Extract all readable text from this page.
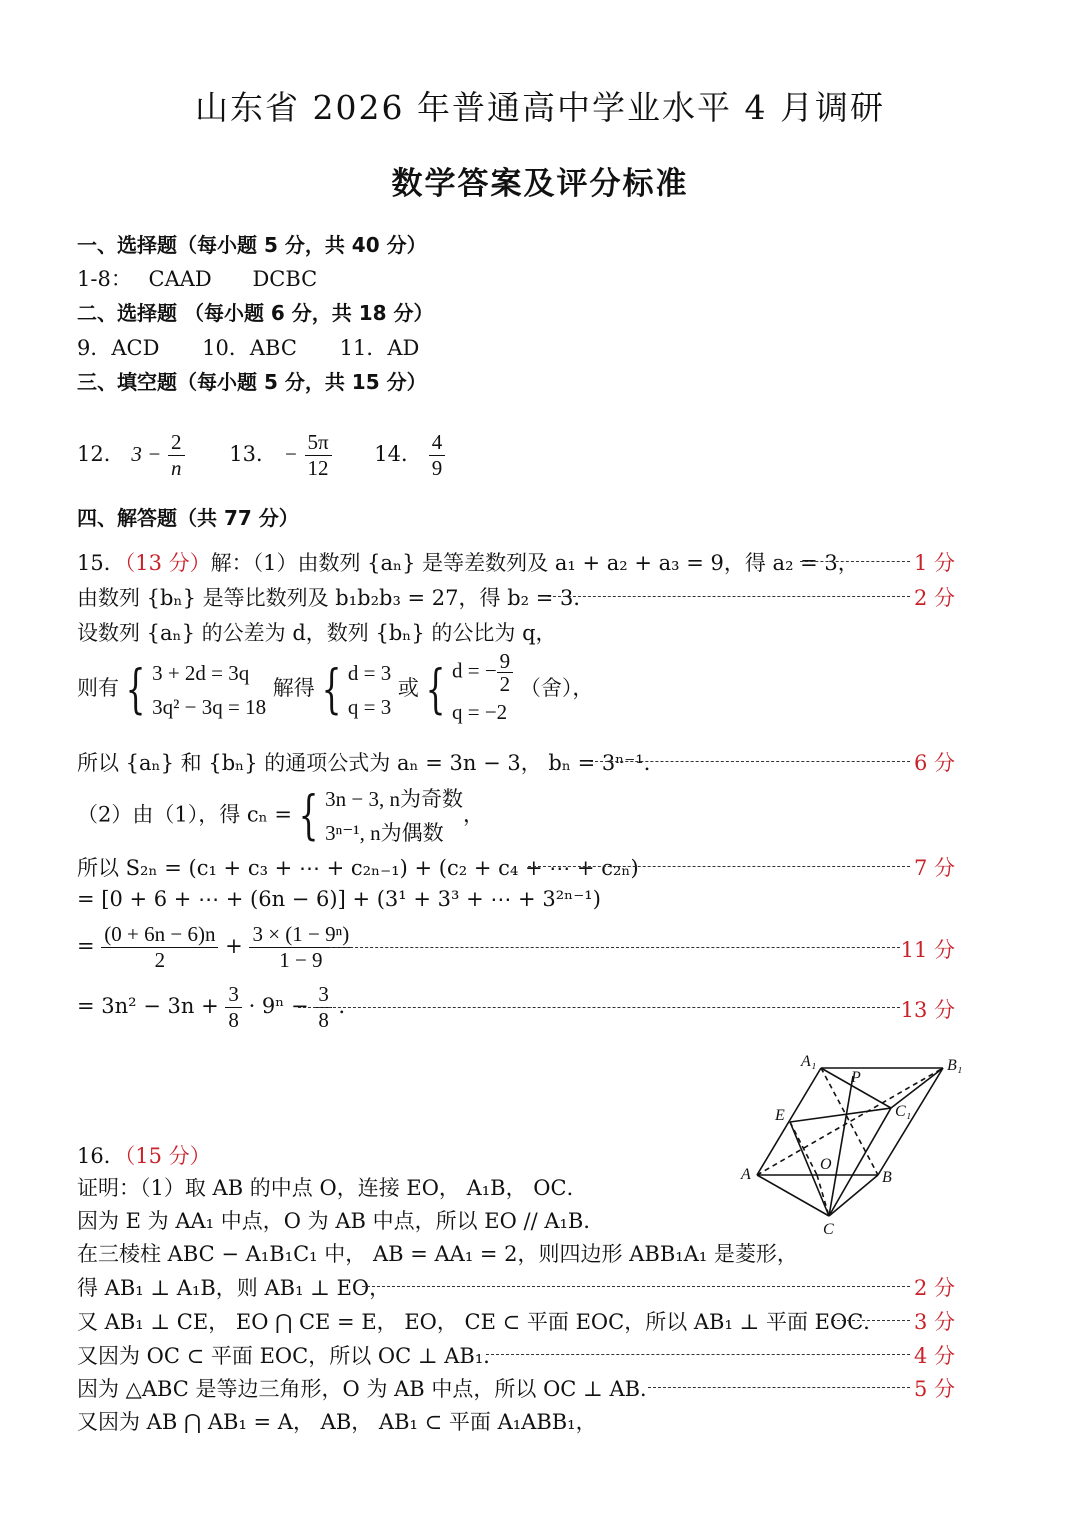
山东省 2026 年普通高中学业水平 4 月调研
数学答案及评分标准
一、选择题（每小题 5 分，共 40 分）
1-8： CAAD DCBC
二、选择题 （每小题 6 分，共 18 分）
9．ACD 10．ABC 11．AD
三、填空题（每小题 5 分，共 15 分）
12． $3 - \frac{2}{n} 13$． − $\frac{5\pi}{12} 14$． $\frac{4}{9}$
四、解答题（共 77 分）
15．（13 分）解：（1）由数列 {aₙ} 是等差数列及 a₁ + a₂ + a₃ = 9，得 a₂ = 3，	1 分
由数列 {bₙ} 是等比数列及 b₁b₂b₃ = 27，得 b₂ = 3．	2 分
设数列 {aₙ} 的公差为 d，数列 {bₙ} 的公比为 q，
则有 { 3 + 2d = 3q
3q² − 3q = 18
解得 { d = 3
q = 3
或 { d = − $\frac{9}{2}$
q = −2
（舍），
所以 {aₙ} 和 {bₙ} 的通项公式为 aₙ = 3n − 3， bₙ = 3ⁿ⁻¹．	6 分
（2）由（1），得 cₙ = { 3n − 3, n为奇数
3ⁿ⁻¹, n为偶数
，
所以 S₂ₙ = (c₁ + c₃ + ⋯ + c₂ₙ₋₁) + (c₂ + c₄ + ⋯ + c₂ₙ)	7 分
= [0 + 6 + ⋯ + (6n − 6)] + (3¹ + 3³ + ⋯ + 3²ⁿ⁻¹)
= $\frac{(0 + 6n - 6)n}{2} + \frac{\text{3 × (1 − 9ⁿ)}}{1 - 9}$	11 分
= $3n^2 - 3n + \frac{3}{8} \cdot 9^n - \frac{3}{8}$ ．	13 分
A₁	B₁
P
E	C₁
A
O
B
C
16．（15 分）
证明：（1）取 AB 的中点 O，连接 EO， A₁B， OC．
因为 E 为 AA₁ 中点，O 为 AB 中点，所以 EO // A₁B．
在三棱柱 ABC − A₁B₁C₁ 中， AB = AA₁ = 2，则四边形 ABB₁A₁ 是菱形，
得 AB₁ ⊥ A₁B，则 AB₁ ⊥ EO，	2 分
又 AB₁ ⊥ CE， EO ⋂ CE = E， EO， CE ⊂ 平面 EOC，所以 AB₁ ⊥ 平面 EOC． 3 分
又因为 OC ⊂ 平面 EOC，所以 OC ⊥ AB₁．	4 分
因为 △ABC 是等边三角形，O 为 AB 中点，所以 OC ⊥ AB．	5 分
又因为 AB ⋂ AB₁ = A， AB， AB₁ ⊂ 平面 A₁ABB₁，
